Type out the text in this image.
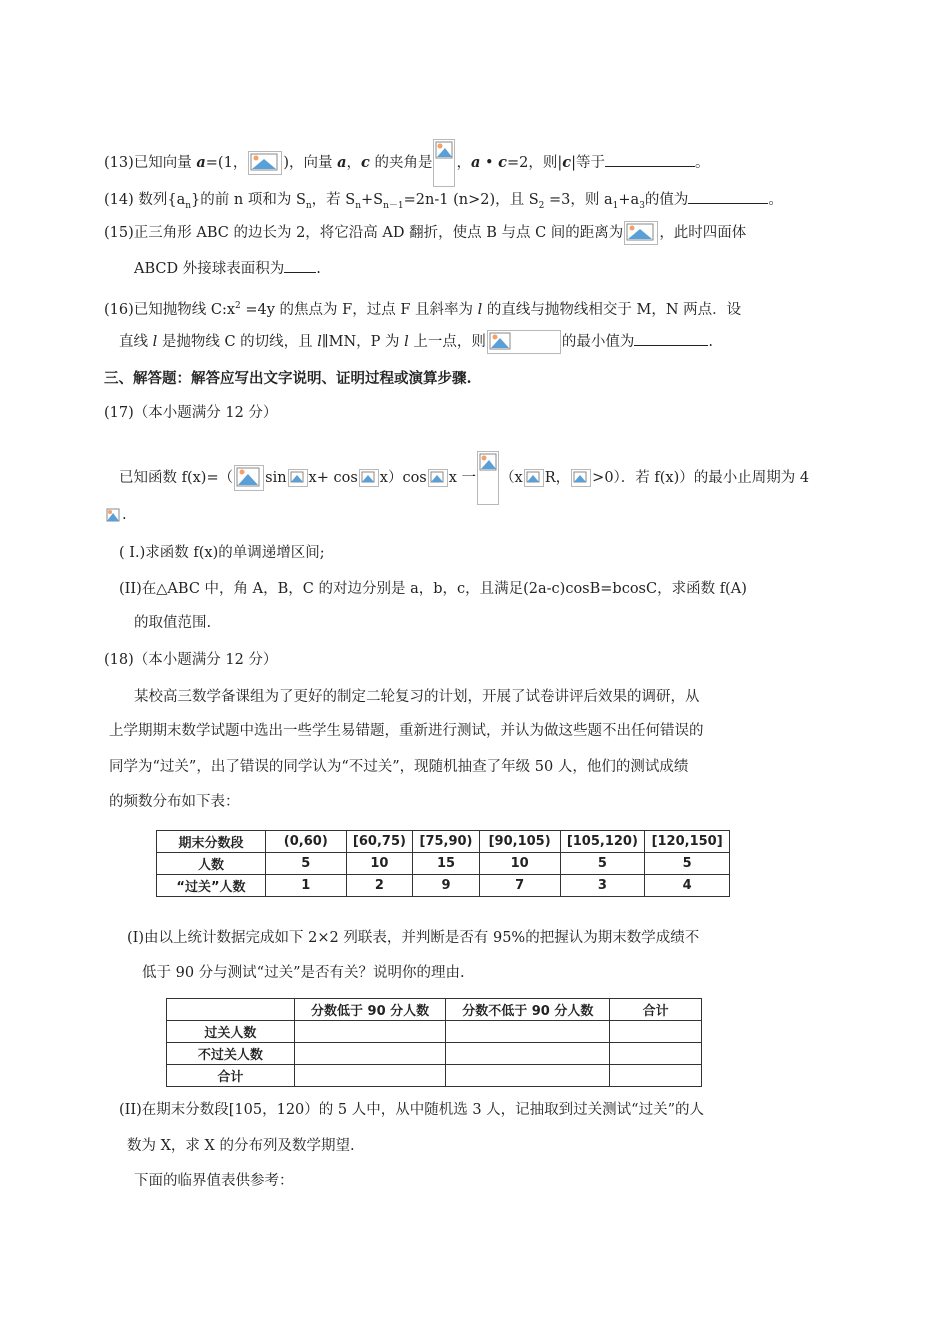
(13)已知向量 a=(1， )，向量 a，c 的夹角是 ，a • c=2，则|c|等于	。
(14) 数列$\{a_n\}$的前 n 项和为 $S_n$，若 $S_n+S_{n-1}=2n-1$ (n>2)，且 $S_2 =3$，则 $a_1+a_3$的值为	。
(15)正三角形 ABC 的边长为 2，将它沿高 AD 翻折，使点 B 与点 C 间的距离为 ，此时四面体
ABCD 外接球表面积为 .
(16)已知抛物线 $C:x^2 =4y$ 的焦点为 F，过点 F 且斜率为 l 的直线与抛物线相交于 M，N 两点．设
直线 l 是抛物线 C 的切线，且 l∥MN，P 为 l 上一点，则	的最小值为	.
三、解答题：解答应写出文字说明、证明过程或演算步骤.
(17)（本小题满分 12 分）
已知函数 f(x)=（ sin x+ cos x）cos x 一 （x R， >0）．若 f(x)）的最小止周期为 4
.
( I.)求函数 f(x)的单调递增区间;
(II)在△ABC 中，角 A，B，C 的对边分别是 a，b，c，且满足(2a-c)cosB=bcosC，求函数 f(A)
的取值范围.
(18)（本小题满分 12 分）
某校高三数学备课组为了更好的制定二轮复习的计划，开展了试卷讲评后效果的调研，从
上学期期末数学试题中选出一些学生易错题，重新进行测试，并认为做这些题不出任何错误的
同学为“过关”，出了错误的同学认为“不过关”，现随机抽查了年级 50 人，他们的测试成绩
的频数分布如下表：
期末分数段	(0,60)	[60,75)	[75,90)	[90,105)	[105,120)	[120,150]
人数	5	10	15	10	5	5
“过关”人数	1	2	9	7	3	4
(I)由以上统计数据完成如下 2×2 列联表，并判断是否有 95%的把握认为期末数学成绩不
低于 90 分与测试“过关”是否有关？说明你的理由.
	分数低于 90 分人数	分数不低于 90 分人数	合计
过关人数			
不过关人数			
合计			
(II)在期末分数段[105，120）的 5 人中，从中随机选 3 人，记抽取到过关测试“过关”的人
数为 X，求 X 的分布列及数学期望.
下面的临界值表供参考：
